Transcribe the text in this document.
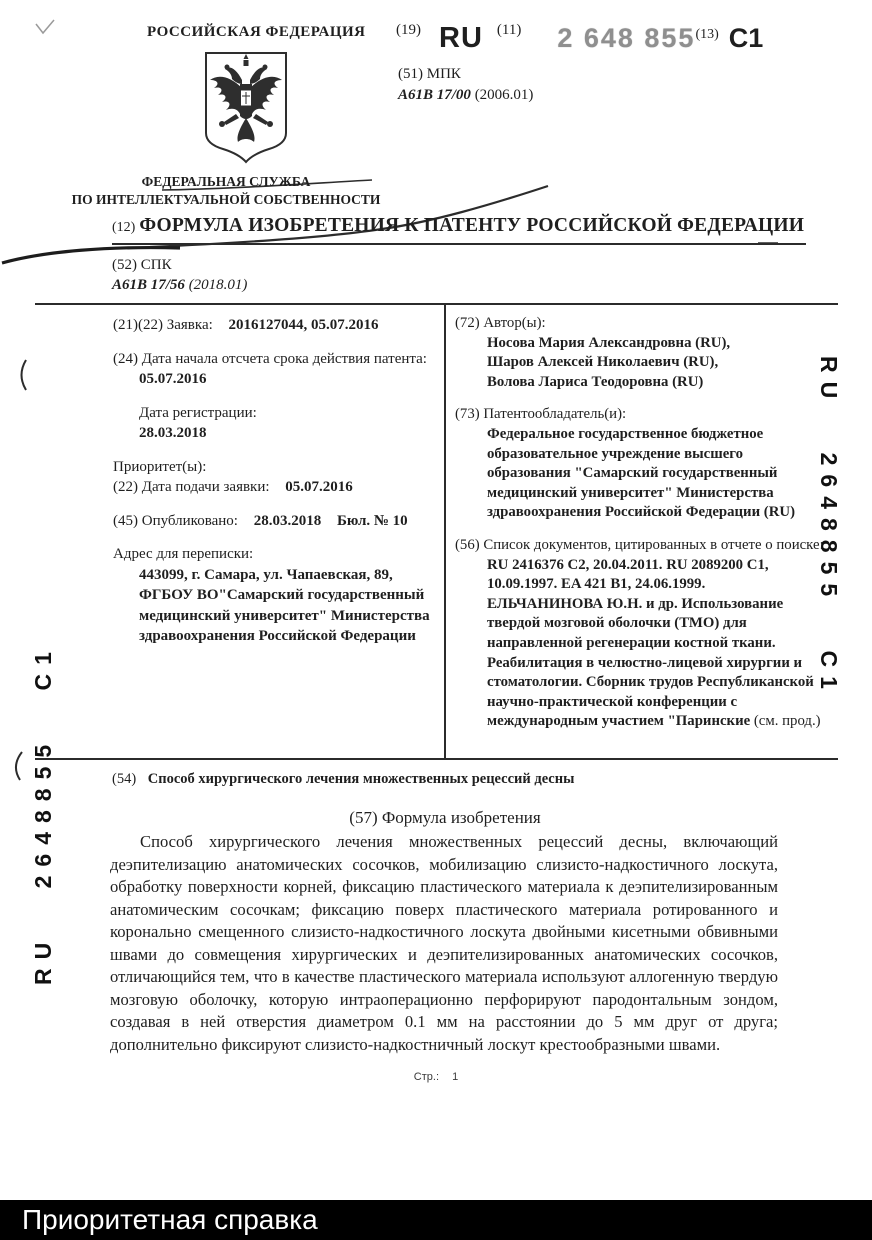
РОССИЙСКАЯ ФЕДЕРАЦИЯ (19) RU (11) 2 648 855$^{(13)}$ C1
(51) МПК
A61B 17/00 (2006.01)
ФЕДЕРАЛЬНАЯ СЛУЖБА
ПО ИНТЕЛЛЕКТУАЛЬНОЙ СОБСТВЕННОСТИ
(12) ФОРМУЛА ИЗОБРЕТЕНИЯ К ПАТЕНТУ РОССИЙСКОЙ ФЕДЕРАЦИИ
(52) СПК
A61B 17/56 (2018.01)
(21)(22) Заявка: 2016127044, 05.07.2016
(24) Дата начала отсчета срока действия патента:
05.07.2016
Дата регистрации:
28.03.2018
Приоритет(ы):
(22) Дата подачи заявки: 05.07.2016
(45) Опубликовано: 28.03.2018 Бюл. № 10
Адрес для переписки:
443099, г. Самара, ул. Чапаевская, 89, ФГБОУ ВО"Самарский государственный медицинский университет" Министерства здравоохранения Российской Федерации
(72) Автор(ы):
Носова Мария Александровна (RU),
Шаров Алексей Николаевич (RU),
Волова Лариса Теодоровна (RU)
(73) Патентообладатель(и):
Федеральное государственное бюджетное образовательное учреждение высшего образования "Самарский государственный медицинский университет" Министерства здравоохранения Российской Федерации (RU)
(56) Список документов, цитированных в отчете о поиске: RU 2416376 C2, 20.04.2011. RU 2089200 C1, 10.09.1997. EA 421 B1, 24.06.1999. ЕЛЬЧАНИНОВА Ю.Н. и др. Использование твердой мозговой оболочки (ТМО) для направленной регенерации костной ткани. Реабилитация в челюстно-лицевой хирургии и стоматологии. Сборник трудов Республиканской научно-практической конференции с международным участием "Паринские (см. прод.)
(54) Способ хирургического лечения множественных рецессий десны
(57) Формула изобретения
Способ хирургического лечения множественных рецессий десны, включающий деэпителизацию анатомических сосочков, мобилизацию слизисто-надкостичного лоскута, обработку поверхности корней, фиксацию пластического материала к деэпителизированным анатомическим сосочкам; фиксацию поверх пластического материала ротированного и коронально смещенного слизисто-надкостичного лоскута двойными кисетными обвивными швами до совмещения хирургических и деэпителизированных анатомических сосочков, отличающийся тем, что в качестве пластического материала используют аллогенную твердую мозговую оболочку, которую интраоперационно перфорируют пародонтальным зондом, создавая в ней отверстия диаметром 0.1 мм на расстоянии до 5 мм друг от друга; дополнительно фиксируют слизисто-надкостничный лоскут крестообразными швами.
Стр.: 1
RU 2648855 C1
RU 2648855 C1
Приоритетная справка
